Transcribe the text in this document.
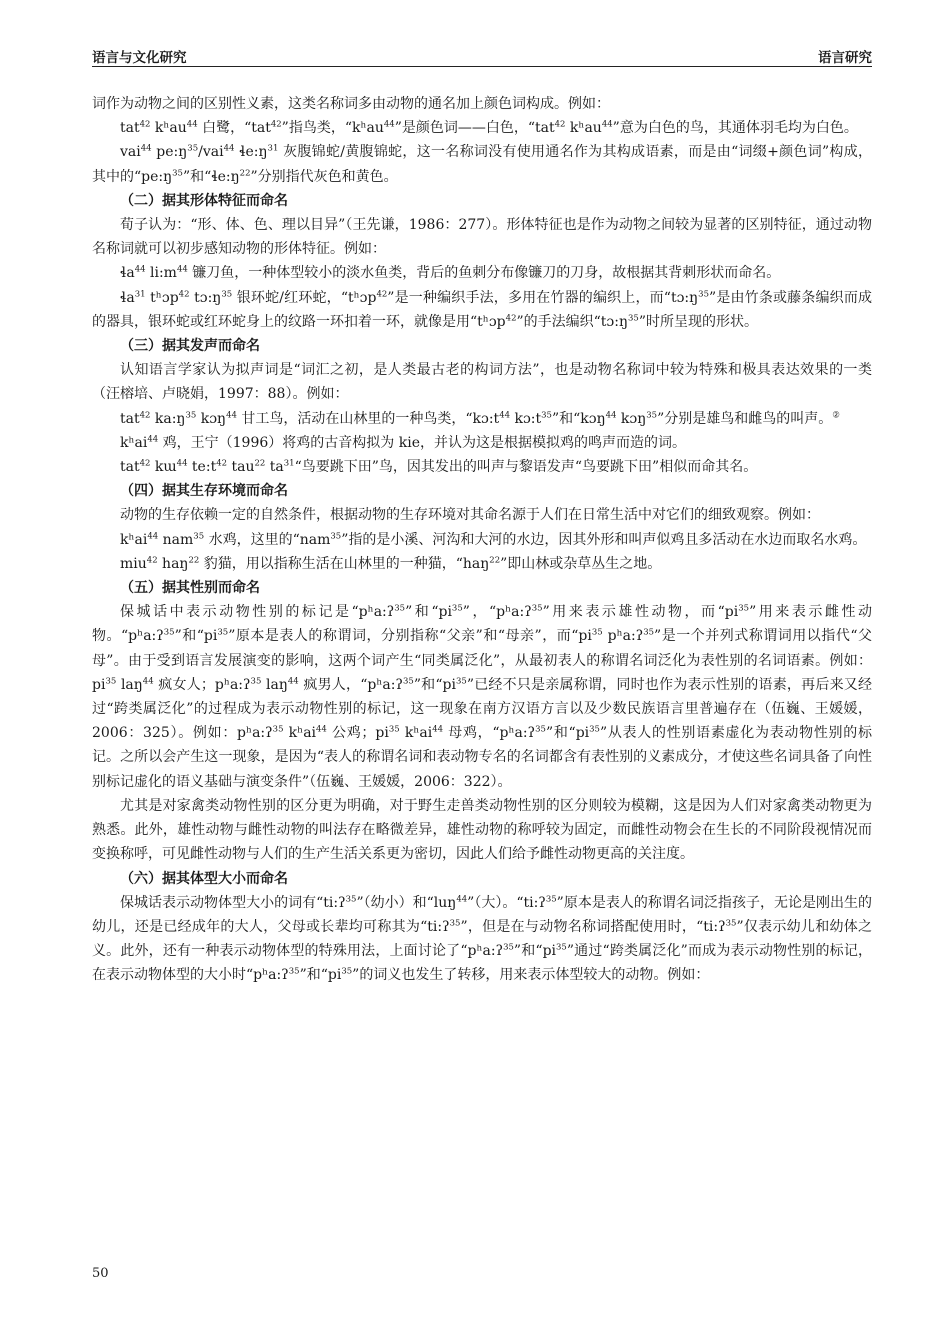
语言与文化研究	语言研究

词作为动物之间的区别性义素，这类名称词多由动物的通名加上颜色词构成。例如：

tat$^{42}$ kʰau$^{44}$ 白鹭，“tat$^{42}$”指鸟类，“kʰau$^{44}$”是颜色词——白色，“tat$^{42}$ kʰau$^{44}$”意为白色的鸟，其通体羽毛均为白色。

vai$^{44}$ $pe:ŋ^{35}/vai^{44}$ $ɬe:ŋ^{31}$ 灰腹锦蛇/黄腹锦蛇，这一名称词没有使用通名作为其构成语素，而是由“词缀+颜色词”构成，其中的“$pe:ŋ^{35}$”和“$ɬe:ŋ^{22}$”分别指代灰色和黄色。

（二）据其形体特征而命名

荀子认为：“形、体、色、理以目异”（王先谦，1986：277）。形体特征也是作为动物之间较为显著的区别特征，通过动物名称词就可以初步感知动物的形体特征。例如：

ɬa$^{44}$ $li:m^{44}$ 镰刀鱼，一种体型较小的淡水鱼类，背后的鱼刺分布像镰刀的刀身，故根据其背刺形状而命名。

ɬa$^{31}$ tʰɔp$^{42}$ $tɔ:ŋ^{35}$ 银环蛇/红环蛇，“tʰɔp$^{42}$”是一种编织手法，多用在竹器的编织上，而“$tɔ:ŋ^{35}$”是由竹条或藤条编织而成的器具，银环蛇或红环蛇身上的纹路一环扣着一环，就像是用“tʰɔp$^{42}$”的手法编织“$tɔ:ŋ^{35}$”时所呈现的形状。

（三）据其发声而命名

认知语言学家认为拟声词是“词汇之初，是人类最古老的构词方法”，也是动物名称词中较为特殊和极具表达效果的一类（汪榕培、卢晓娟，1997：88）。例如：

tat$^{42}$ $ka:ŋ^{35}$ kɔŋ$^{44}$ 甘工鸟，活动在山林里的一种鸟类，“$kɔ:t^{44}$ $kɔ:t^{35}$”和“kɔŋ$^{44}$ kɔŋ$^{35}$”分别是雄鸟和雌鸟的叫声。②

kʰai$^{44}$ 鸡，王宁（1996）将鸡的古音构拟为 kie，并认为这是根据模拟鸡的鸣声而造的词。

tat$^{42}$ kɯ$^{44}$ $te:t^{42}$ tau$^{22}$ $ta^{31}“$鸟要跳下田”鸟，因其发出的叫声与黎语发声“鸟要跳下田”相似而命其名。

（四）据其生存环境而命名

动物的生存依赖一定的自然条件，根据动物的生存环境对其命名源于人们在日常生活中对它们的细致观察。例如：

kʰai$^{44}$ nam$^{35}$ 水鸡，这里的“nam$^{35}$”指的是小溪、河沟和大河的水边，因其外形和叫声似鸡且多活动在水边而取名水鸡。

miu$^{42}$ haŋ$^{22}$ 豹猫，用以指称生活在山林里的一种猫，“haŋ$^{22}$”即山林或杂草丛生之地。

（五）据其性别而命名

保城话中表示动物性别的标记是“pʰa:ʔ$^{35}$”和“$pi^{35}$”，“pʰa:ʔ$^{35}$”用来表示雄性动物，而“$pi^{35}$”用来表示雌性动物。“pʰa:ʔ$^{35}$”和“$pi^{35}$”原本是表人的称谓词，分别指称“父亲”和“母亲”，而“$pi^{35}$ pʰa:ʔ$^{35}$”是一个并列式称谓词用以指代“父母”。由于受到语言发展演变的影响，这两个词产生“同类属泛化”，从最初表人的称谓名词泛化为表性别的名词语素。例如：$pi^{35}$ laŋ$^{44}$ 疯女人；pʰa:ʔ$^{35}$ laŋ$^{44}$ 疯男人，“pʰa:ʔ$^{35}$”和“$pi^{35}$”已经不只是亲属称谓，同时也作为表示性别的语素，再后来又经过“跨类属泛化”的过程成为表示动物性别的标记，这一现象在南方汉语方言以及少数民族语言里普遍存在（伍巍、王媛媛，2006：325）。例如：pʰa:ʔ$^{35}$ kʰai$^{44}$ 公鸡；$pi^{35}$ kʰai$^{44}$ 母鸡，“pʰa:ʔ$^{35}$”和“$pi^{35}$”从表人的性别语素虚化为表动物性别的标记。之所以会产生这一现象，是因为“表人的称谓名词和表动物专名的名词都含有表性别的义素成分，才使这些名词具备了向性别标记虚化的语义基础与演变条件”（伍巍、王媛媛，2006：322）。

尤其是对家禽类动物性别的区分更为明确，对于野生走兽类动物性别的区分则较为模糊，这是因为人们对家禽类动物更为熟悉。此外，雄性动物与雌性动物的叫法存在略微差异，雄性动物的称呼较为固定，而雌性动物会在生长的不同阶段视情况而变换称呼，可见雌性动物与人们的生产生活关系更为密切，因此人们给予雌性动物更高的关注度。

（六）据其体型大小而命名

保城话表示动物体型大小的词有“ti:ʔ$^{35}$”（幼小）和“luŋ$^{44}$”（大）。“ti:ʔ$^{35}$”原本是表人的称谓名词泛指孩子，无论是刚出生的幼儿，还是已经成年的大人，父母或长辈均可称其为“ti:ʔ$^{35}$”，但是在与动物名称词搭配使用时，“ti:ʔ$^{35}$”仅表示幼儿和幼体之义。此外，还有一种表示动物体型的特殊用法，上面讨论了“pʰa:ʔ$^{35}$”和“$pi^{35}$”通过“跨类属泛化”而成为表示动物性别的标记，在表示动物体型的大小时“pʰa:ʔ$^{35}$”和“$pi^{35}$”的词义也发生了转移，用来表示体型较大的动物。例如：

50
